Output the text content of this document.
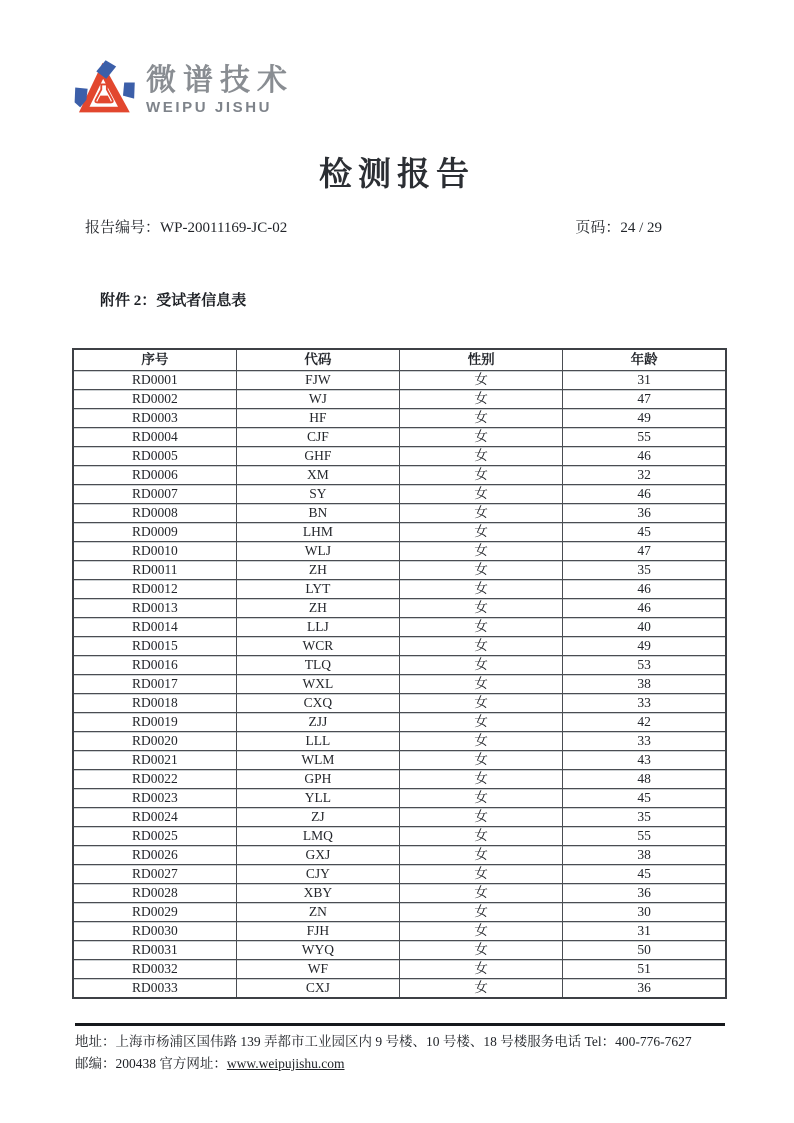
微谱技术
WEIPU JISHU
检测报告
报告编号：WP-20011169-JC-02	页码：24 / 29
附件 2：受试者信息表
序号	代码	性别	年龄
RD0001	FJW	女	31
RD0002	WJ	女	47
RD0003	HF	女	49
RD0004	CJF	女	55
RD0005	GHF	女	46
RD0006	XM	女	32
RD0007	SY	女	46
RD0008	BN	女	36
RD0009	LHM	女	45
RD0010	WLJ	女	47
RD0011	ZH	女	35
RD0012	LYT	女	46
RD0013	ZH	女	46
RD0014	LLJ	女	40
RD0015	WCR	女	49
RD0016	TLQ	女	53
RD0017	WXL	女	38
RD0018	CXQ	女	33
RD0019	ZJJ	女	42
RD0020	LLL	女	33
RD0021	WLM	女	43
RD0022	GPH	女	48
RD0023	YLL	女	45
RD0024	ZJ	女	35
RD0025	LMQ	女	55
RD0026	GXJ	女	38
RD0027	CJY	女	45
RD0028	XBY	女	36
RD0029	ZN	女	30
RD0030	FJH	女	31
RD0031	WYQ	女	50
RD0032	WF	女	51
RD0033	CXJ	女	36
地址：上海市杨浦区国伟路 139 弄都市工业园区内 9 号楼、10 号楼、18 号楼服务电话 Tel：400-776-7627
邮编：200438 官方网址：www.weipujishu.com
